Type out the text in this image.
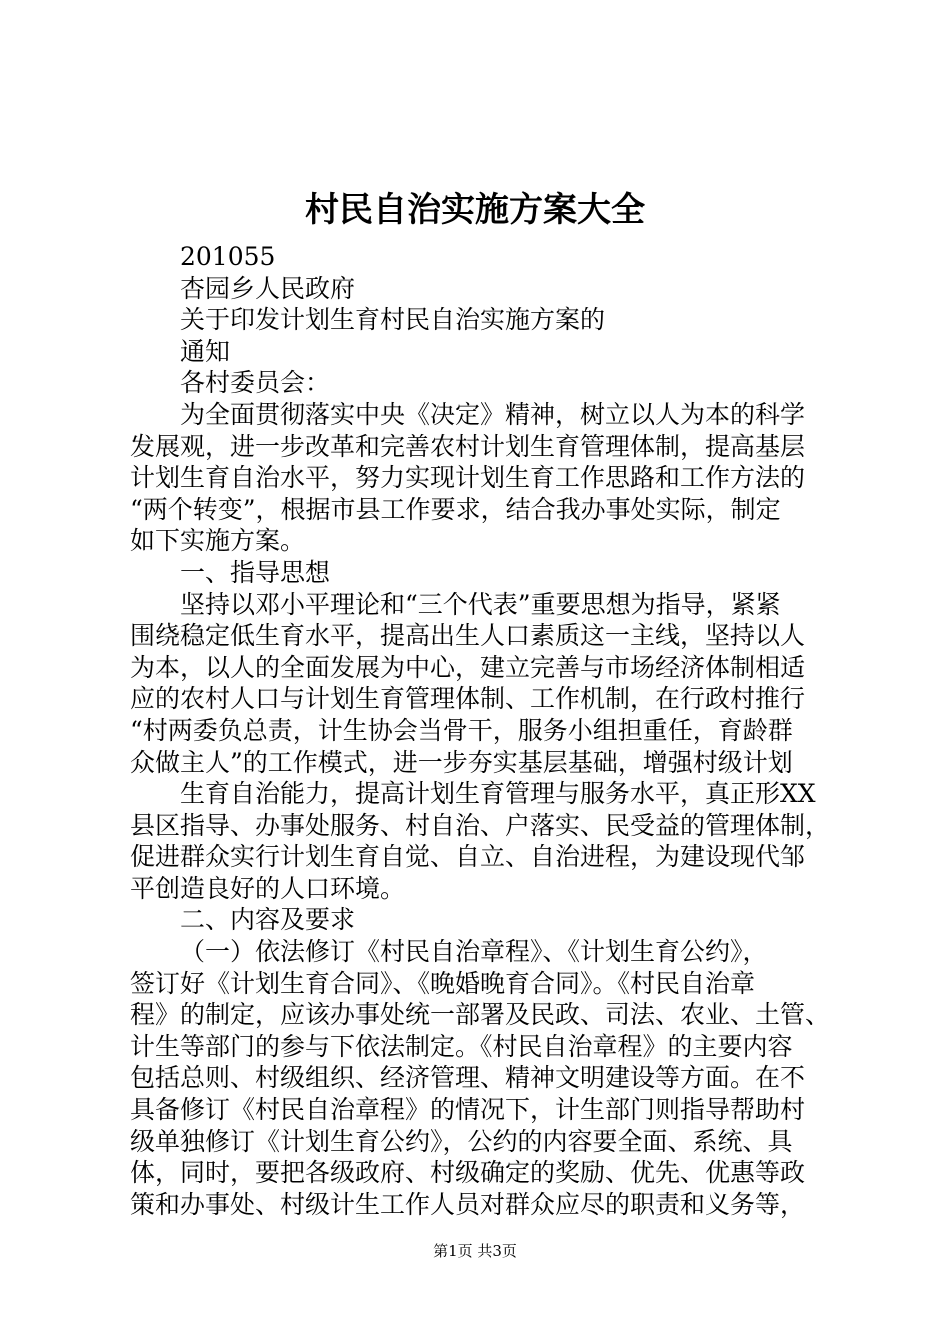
村民自治实施方案大全
201055
杏园乡人民政府
关于印发计划生育村民自治实施方案的
通知
各村委员会：
为全面贯彻落实中央《决定》精神，树立以人为本的科学
发展观，进一步改革和完善农村计划生育管理体制，提高基层
计划生育自治水平，努力实现计划生育工作思路和工作方法的
“两个转变”，根据市县工作要求，结合我办事处实际，制定
如下实施方案。
一、指导思想
坚持以邓小平理论和“三个代表”重要思想为指导，紧紧
围绕稳定低生育水平，提高出生人口素质这一主线，坚持以人
为本，以人的全面发展为中心，建立完善与市场经济体制相适
应的农村人口与计划生育管理体制、工作机制，在行政村推行
“村两委负总责，计生协会当骨干，服务小组担重任，育龄群
众做主人”的工作模式，进一步夯实基层基础，增强村级计划
生育自治能力，提高计划生育管理与服务水平，真正形XX
县区指导、办事处服务、村自治、户落实、民受益的管理体制，
促进群众实行计划生育自觉、自立、自治进程，为建设现代邹
平创造良好的人口环境。
二、内容及要求
（一）依法修订《村民自治章程》、《计划生育公约》，
签订好《计划生育合同》、《晚婚晚育合同》。《村民自治章
程》的制定，应该办事处统一部署及民政、司法、农业、土管、
计生等部门的参与下依法制定。《村民自治章程》的主要内容
包括总则、村级组织、经济管理、精神文明建设等方面。在不
具备修订《村民自治章程》的情况下，计生部门则指导帮助村
级单独修订《计划生育公约》，公约的内容要全面、系统、具
体，同时，要把各级政府、村级确定的奖励、优先、优惠等政
策和办事处、村级计生工作人员对群众应尽的职责和义务等，
第1页 共3页
